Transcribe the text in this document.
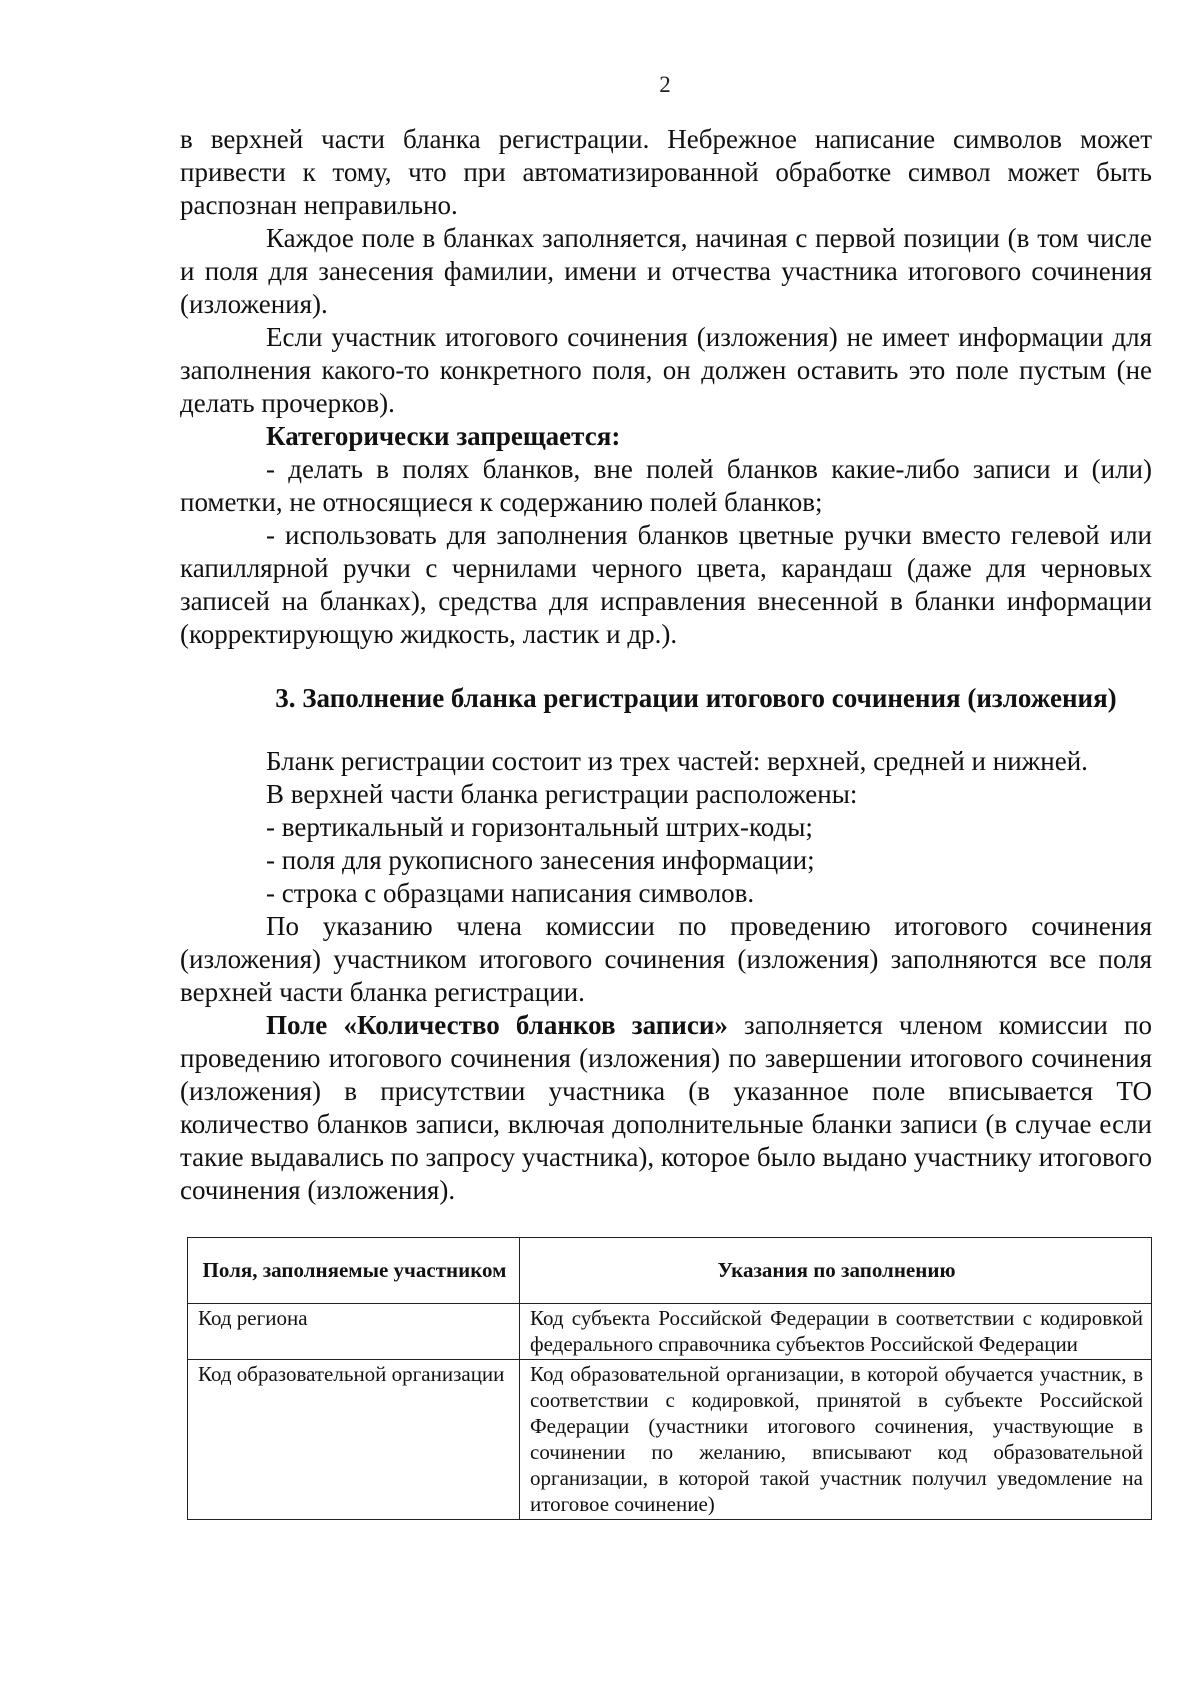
2

в верхней части бланка регистрации. Небрежное написание символов может привести к тому, что при автоматизированной обработке символ может быть распознан неправильно.

Каждое поле в бланках заполняется, начиная с первой позиции (в том числе и поля для занесения фамилии, имени и отчества участника итогового сочинения (изложения).

Если участник итогового сочинения (изложения) не имеет информации для заполнения какого-то конкретного поля, он должен оставить это поле пустым (не делать прочерков).

Категорически запрещается:

- делать в полях бланков, вне полей бланков какие-либо записи и (или) пометки, не относящиеся к содержанию полей бланков;

- использовать для заполнения бланков цветные ручки вместо гелевой или капиллярной ручки с чернилами черного цвета, карандаш (даже для черновых записей на бланках), средства для исправления внесенной в бланки информации (корректирующую жидкость, ластик и др.).

3. Заполнение бланка регистрации итогового сочинения (изложения)

Бланк регистрации состоит из трех частей: верхней, средней и нижней.

В верхней части бланка регистрации расположены:

- вертикальный и горизонтальный штрих-коды;

- поля для рукописного занесения информации;

- строка с образцами написания символов.

По указанию члена комиссии по проведению итогового сочинения (изложения) участником итогового сочинения (изложения) заполняются все поля верхней части бланка регистрации.

Поле «Количество бланков записи» заполняется членом комиссии по проведению итогового сочинения (изложения) по завершении итогового сочинения (изложения) в присутствии участника (в указанное поле вписывается ТО количество бланков записи, включая дополнительные бланки записи (в случае если такие выдавались по запросу участника), которое было выдано участнику итогового сочинения (изложения).

Поля, заполняемые участником	Указания по заполнению
Код региона	Код субъекта Российской Федерации в соответствии с кодировкой федерального справочника субъектов Российской Федерации
Код образовательной организации	Код образовательной организации, в которой обучается участник, в соответствии с кодировкой, принятой в субъекте Российской Федерации (участники итогового сочинения, участвующие в сочинении по желанию, вписывают код образовательной организации, в которой такой участник получил уведомление на итоговое сочинение)
